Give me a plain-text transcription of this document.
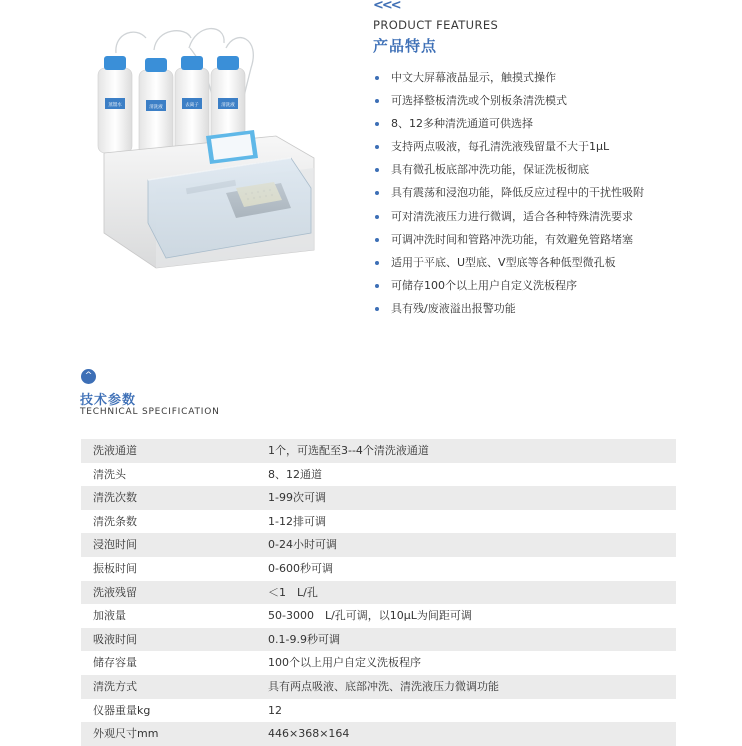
<<<
PRODUCT FEATURES
产品特点
中文大屏幕液晶显示，触摸式操作
可选择整板清洗或个别板条清洗模式
8、12多种清洗通道可供选择
支持两点吸液，每孔清洗液残留量不大于1μL
具有微孔板底部冲洗功能，保证洗板彻底
具有震荡和浸泡功能，降低反应过程中的干扰性吸附
可对清洗液压力进行微调，适合各种特殊清洗要求
可调冲洗时间和管路冲洗功能，有效避免管路堵塞
适用于平底、U型底、V型底等各种低型微孔板
可储存100个以上用户自定义洗板程序
具有残/废液溢出报警功能
蒸馏水	清洗液	去离子	清洗液
^
技术参数
TECHNICAL SPECIFICATION
洗液通道	1个，可选配至3--4个清洗液通道
清洗头	8、12通道
清洗次数	1-99次可调
清洗条数	1-12排可调
浸泡时间	0-24小时可调
振板时间	0-600秒可调
洗液残留	＜1　L/孔
加液量	50-3000　L/孔可调，以10μL为间距可调
吸液时间	0.1-9.9秒可调
储存容量	100个以上用户自定义洗板程序
清洗方式	具有两点吸液、底部冲洗、清洗液压力微调功能
仪器重量kg	12
外观尺寸mm	446×368×164
